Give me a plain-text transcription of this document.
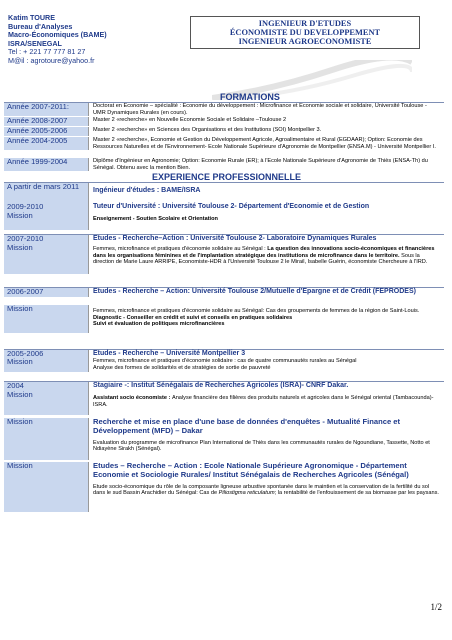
Katim TOURE
Bureau d'Analyses
Macro-Économiques (BAME)
ISRA/SENEGAL
Tel : + 221 77 777 81 27
M@il : agrotoure@yahoo.fr
INGENIEUR D'ETUDES
ÉCONOMISTE DU DEVELOPPEMENT
INGENIEUR AGROECONOMISTE
FORMATIONS
Année 2007-2011:	Doctorat en Economie – spécialité : Economie du développement : Microfinance et Economie sociale et solidaire, Université Toulouse - UMR Dynamiques Rurales (en cours).
Année 2008-2007	Master 2 «recherche» en Nouvelle Economie Sociale et Solidaire –Toulouse 2
Année 2005-2006	Master 2 «recherche» en Sciences des Organisations et des Institutions (SOI) Montpellier 3.
Année 2004-2005	Master 2 «recherche», Economie et Gestion du Développement Agricole, Agroalimentaire et Rural (EGDAAR); Option: Economie des Ressources Naturelles et de l'Environnement- Ecole Nationale Supérieure d'Agronomie de Montpellier (ENSA.M) - Université Montpellier I.
Année 1999-2004	Diplôme d'Ingénieur en Agronomie; Option: Economie Rurale (ER); à l'Ecole Nationale Supérieure d'Agronomie de Thiès (ENSA-Th) du Sénégal. Obtenu avec la mention Bien.
EXPERIENCE PROFESSIONNELLE
A partir de mars 2011	Ingénieur d'études : BAME/ISRA
2009-2010	Tuteur d'Université : Université Toulouse 2- Département d'Economie et de Gestion
Mission	Enseignement - Soutien Scolaire et Orientation
2007-2010	Etudes - Recherche–Action : Université Toulouse 2- Laboratoire Dynamiques Rurales
Mission	Femmes, microfinance et pratiques d'économie solidaire au Sénégal : La question des innovations socio-économiques et financières dans les organisations féminines et de l'implantation stratégique des institutions de microfinance dans le territoire. Sous la direction de Marie Laure ARRIPE, Economiste-HDR à l'Université Toulouse 2 le Mirail, Isabelle Guérin, économiste Chercheure à l'IRD.
2006-2007	Etudes - Recherche – Action: Université Toulouse 2/Mutuelle d'Epargne et de Crédit (FEPRODES)
Mission	Femmes, microfinance et pratiques d'économie solidaire au Sénégal: Cas des groupements de femmes de la région de Saint-Louis.
Diagnostic - Conseiller en crédit et suivi et conseils en pratiques solidaires
Suivi et évaluation de politiques microfinancières
2005-2006	Etudes - Recherche – Université Montpellier 3
Mission	Femmes, microfinance et pratiques d'économie solidaire : cas de quatre communautés rurales au Sénégal
Analyse des formes de solidarités et de stratégies de sortie de pauvreté
2004	Stagiaire -: Institut Sénégalais de Recherches Agricoles (ISRA)- CNRF Dakar.
Mission	Assistant socio économiste : Analyse financière des filières des produits naturels et agricoles dans le Sénégal oriental (Tambacounda)-ISRA.
Mission	Recherche et mise en place d'une base de données d'enquêtes - Mutualité Finance et Développement (MFD) – Dakar
Evaluation du programme de microfinance Plan International de Thiès dans les communautés rurales de Ngoundiane, Tassette, Notto et Ndiayène Sirakh (Sénégal).
Mission	Etudes – Recherche – Action : Ecole Nationale Supérieure Agronomique - Département Economie et Sociologie Rurales/ Institut Sénégalais de Recherches Agricoles (Sénégal)
Etude socio-économique du rôle de la composante ligneuse arbustive spontanée dans le maintien et la conservation de la fertilité du sol dans le sud Bassin Arachidier du Sénégal: Cas de Piliostigma reticulatum; la rentabilité de l'enfouissement de sa biomasse par les paysans.
1/2
